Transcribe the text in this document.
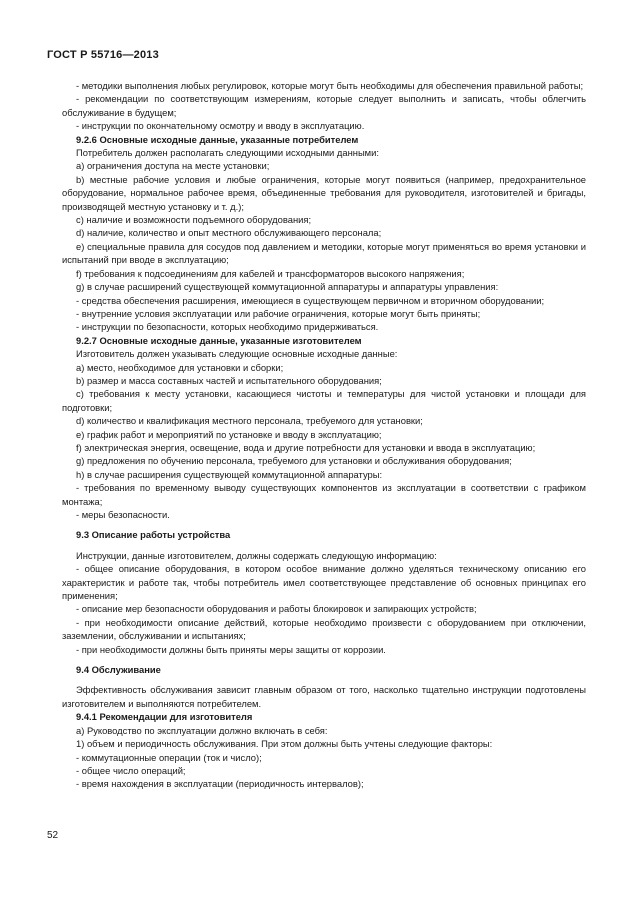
ГОСТ Р 55716—2013

- методики выполнения любых регулировок, которые могут быть необходимы для обеспечения правильной работы;

- рекомендации по соответствующим измерениям, которые следует выполнить и записать, чтобы облегчить обслуживание в будущем;

- инструкции по окончательному осмотру и вводу в эксплуатацию.

9.2.6 Основные исходные данные, указанные потребителем

Потребитель должен располагать следующими исходными данными:

a) ограничения доступа на месте установки;

b) местные рабочие условия и любые ограничения, которые могут появиться (например, предохранительное оборудование, нормальное рабочее время, объединенные требования для руководителя, изготовителей и бригады, производящей местную установку и т. д.);

c) наличие и возможности подъемного оборудования;

d) наличие, количество и опыт местного обслуживающего персонала;

e) специальные правила для сосудов под давлением и методики, которые могут применяться во время установки и испытаний при вводе в эксплуатацию;

f) требования к подсоединениям для кабелей и трансформаторов высокого напряжения;

g) в случае расширений существующей коммутационной аппаратуры и аппаратуры управления:

- средства обеспечения расширения, имеющиеся в существующем первичном и вторичном оборудовании;

- внутренние условия эксплуатации или рабочие ограничения, которые могут быть приняты;

- инструкции по безопасности, которых необходимо придерживаться.

9.2.7 Основные исходные данные, указанные изготовителем

Изготовитель должен указывать следующие основные исходные данные:

a) место, необходимое для установки и сборки;

b) размер и масса составных частей и испытательного оборудования;

c) требования к месту установки, касающиеся чистоты и температуры для чистой установки и площади для подготовки;

d) количество и квалификация местного персонала, требуемого для установки;

e) график работ и мероприятий по установке и вводу в эксплуатацию;

f) электрическая энергия, освещение, вода и другие потребности для установки и ввода в эксплуатацию;

g) предложения по обучению персонала, требуемого для установки и обслуживания оборудования;

h) в случае расширения существующей коммутационной аппаратуры:

- требования по временному выводу существующих компонентов из эксплуатации в соответствии с графиком монтажа;

- меры безопасности.

9.3 Описание работы устройства

Инструкции, данные изготовителем, должны содержать следующую информацию:

- общее описание оборудования, в котором особое внимание должно уделяться техническому описанию его характеристик и работе так, чтобы потребитель имел соответствующее представление об основных принципах его применения;

- описание мер безопасности оборудования и работы блокировок и запирающих устройств;

- при необходимости описание действий, которые необходимо произвести с оборудованием при отключении, заземлении, обслуживании и испытаниях;

- при необходимости должны быть приняты меры защиты от коррозии.

9.4 Обслуживание

Эффективность обслуживания зависит главным образом от того, насколько тщательно инструкции подготовлены изготовителем и выполняются потребителем.

9.4.1 Рекомендации для изготовителя

a) Руководство по эксплуатации должно включать в себя:

1) объем и периодичность обслуживания. При этом должны быть учтены следующие факторы:

- коммутационные операции (ток и число);

- общее число операций;

- время нахождения в эксплуатации (периодичность интервалов);

52
